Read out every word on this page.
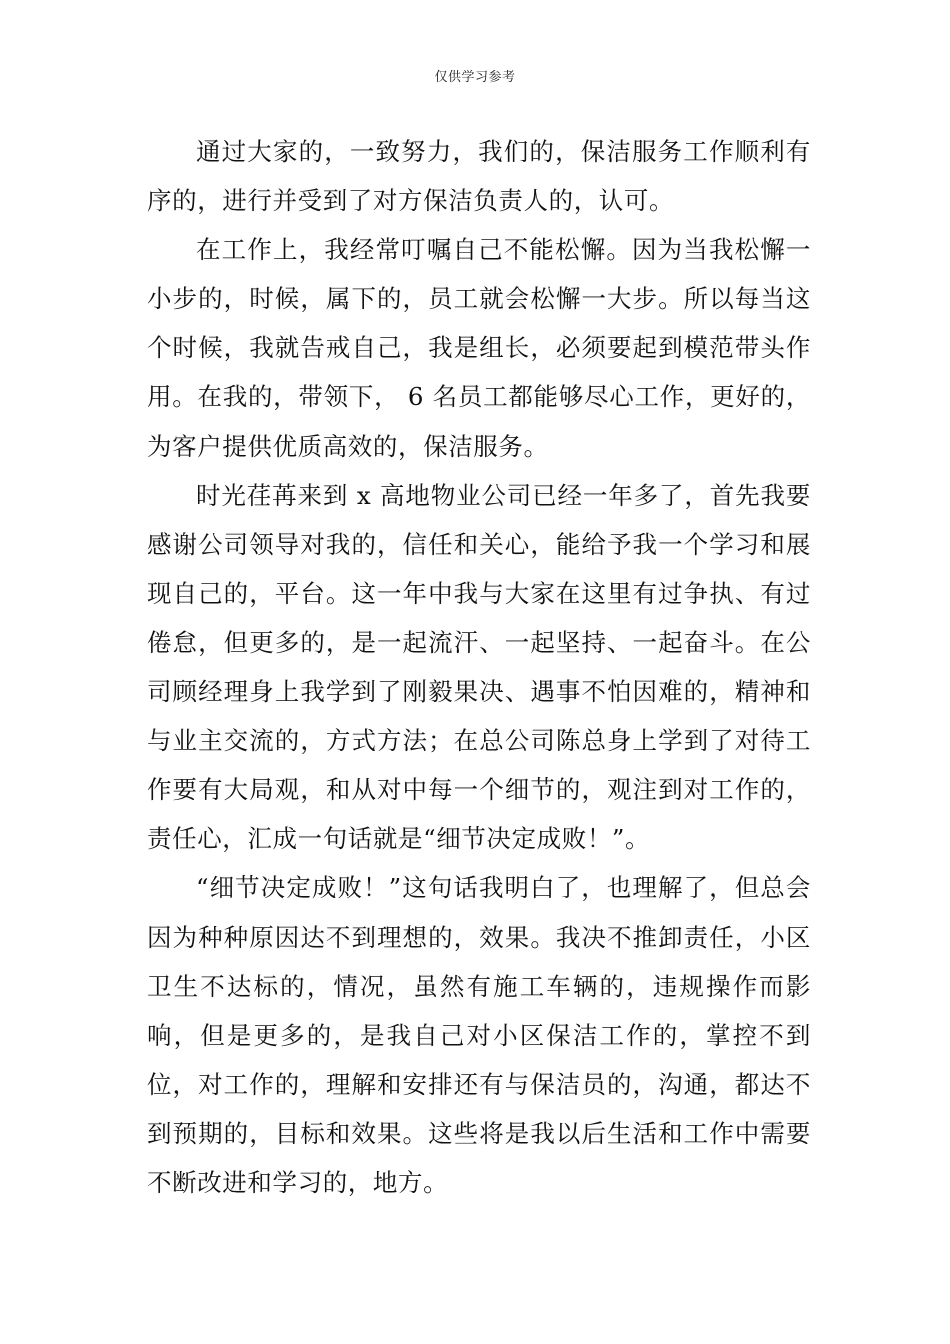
仅供学习参考

通过大家的，一致努力，我们的，保洁服务工作顺利有序的，进行并受到了对方保洁负责人的，认可。

在工作上，我经常叮嘱自己不能松懈。因为当我松懈一小步的，时候，属下的，员工就会松懈一大步。所以每当这个时候，我就告戒自己，我是组长，必须要起到模范带头作用。在我的，带领下， 6 名员工都能够尽心工作，更好的，为客户提供优质高效的，保洁服务。

时光荏苒来到 x 高地物业公司已经一年多了，首先我要感谢公司领导对我的，信任和关心，能给予我一个学习和展现自己的，平台。这一年中我与大家在这里有过争执、有过倦怠，但更多的，是一起流汗、一起坚持、一起奋斗。在公司顾经理身上我学到了刚毅果决、遇事不怕因难的，精神和与业主交流的，方式方法；在总公司陈总身上学到了对待工作要有大局观，和从对中每一个细节的，观注到对工作的，责任心，汇成一句话就是“细节决定成败！”。

“细节决定成败！”这句话我明白了，也理解了，但总会因为种种原因达不到理想的，效果。我决不推卸责任，小区卫生不达标的，情况，虽然有施工车辆的，违规操作而影响，但是更多的，是我自己对小区保洁工作的，掌控不到位，对工作的，理解和安排还有与保洁员的，沟通，都达不到预期的，目标和效果。这些将是我以后生活和工作中需要不断改进和学习的，地方。
